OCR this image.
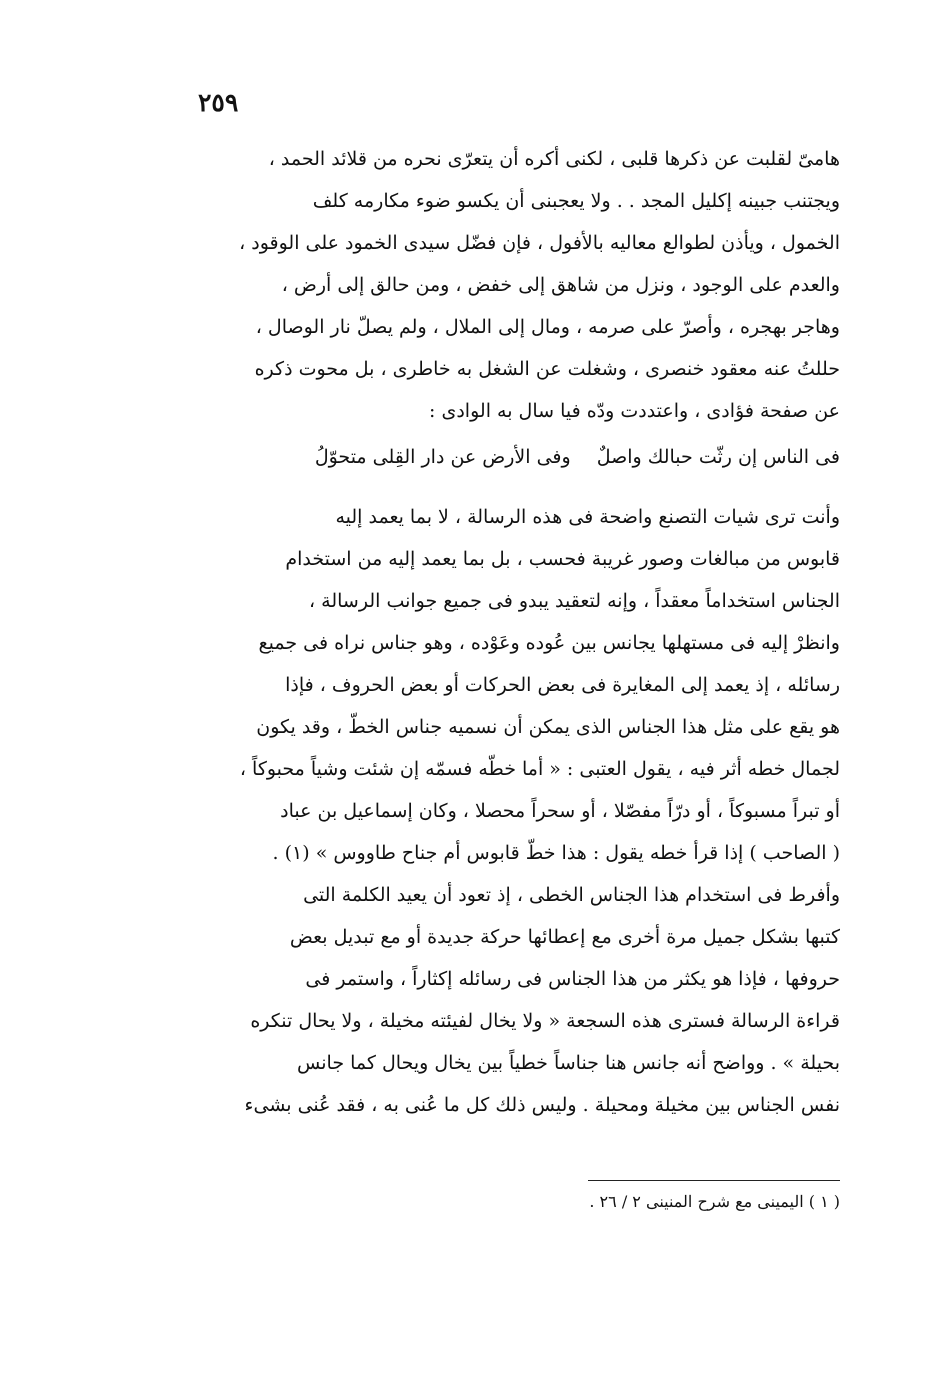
٢٥٩
هامىّ لقلبت عن ذكرها قلبى ، لكنى أكره أن يتعرّى نحره من قلائد الحمد ،
ويجتنب جبينه إكليل المجد . . ولا يعجبنى أن يكسو ضوء مكارمه كلف
الخمول ، ويأذن لطوالع معاليه بالأفول ، فإن فضّل سيدى الخمود على الوقود ،
والعدم على الوجود ، ونزل من شاهق إلى خفض ، ومن حالق إلى أرض ،
وهاجر بهجره ، وأصرّ على صرمه ، ومال إلى الملال ، ولم يصلّ نار الوصال ،
حللتُ عنه معقود خنصرى ، وشغلت عن الشغل به خاطرى ، بل محوت ذكره
عن صفحة فؤادى ، واعتددت ودّه فيا سال به الوادى :
فى الناس إن رثّت حبالك واصلٌ
وفى الأرض عن دار القِلى متحوّلُ
وأنت ترى شيات التصنع واضحة فى هذه الرسالة ، لا بما يعمد إليه
قابوس من مبالغات وصور غريبة فحسب ، بل بما يعمد إليه من استخدام
الجناس استخداماً معقداً ، وإنه لتعقيد يبدو فى جميع جوانب الرسالة ،
وانظرْ إليه فى مستهلها يجانس بين عُوده وعَوْده ، وهو جناس نراه فى جميع
رسائله ، إذ يعمد إلى المغايرة فى بعض الحركات أو بعض الحروف ، فإذا
هو يقع على مثل هذا الجناس الذى يمكن أن نسميه جناس الخطّ ، وقد يكون
لجمال خطه أثر فيه ، يقول العتبى : « أما خطّه فسمّه إن شئت وشياً محبوكاً ،
أو تبراً مسبوكاً ، أو درّاً مفصّلا ، أو سحراً محصلا ، وكان إسماعيل بن عباد
( الصاحب ) إذا قرأ خطه يقول : هذا خطّ قابوس أم جناح طاووس » (١) .
وأفرط فى استخدام هذا الجناس الخطى ، إذ تعود أن يعيد الكلمة التى
كتبها بشكل جميل مرة أخرى مع إعطائها حركة جديدة أو مع تبديل بعض
حروفها ، فإذا هو يكثر من هذا الجناس فى رسائله إكثاراً ، واستمر فى
قراءة الرسالة فسترى هذه السجعة « ولا يخال لفيئته مخيلة ، ولا يحال تنكره
بحيلة » . وواضح أنه جانس هنا جناساً خطياً بين يخال ويحال كما جانس
نفس الجناس بين مخيلة ومحيلة . وليس ذلك كل ما عُنى به ، فقد عُنى بشىء
( ١ ) اليمينى مع شرح المنينى ٢ / ٢٦ .
